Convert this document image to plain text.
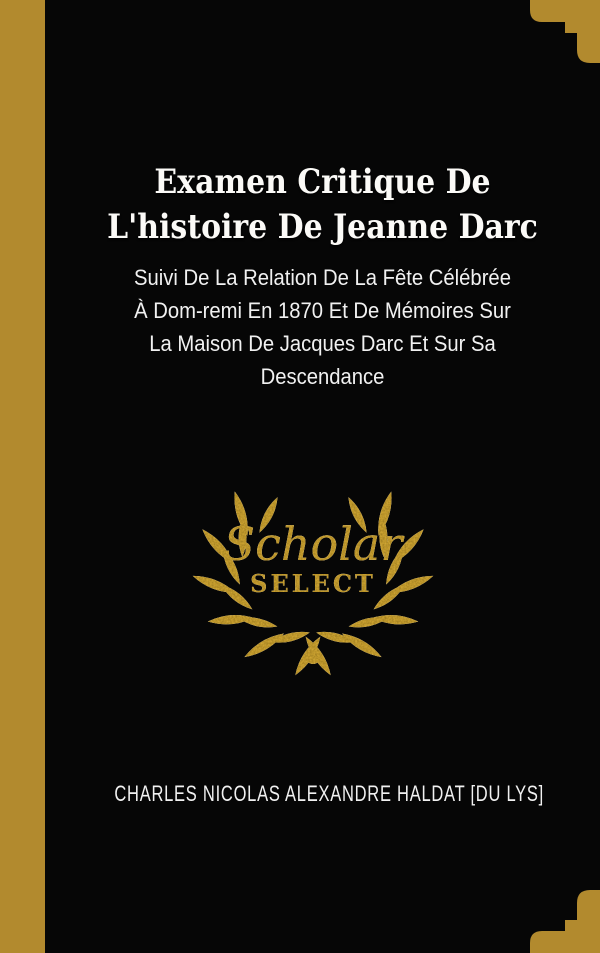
Examen Critique De
L'histoire De Jeanne Darc
Suivi De La Relation De La Fête Célébrée
À Dom-remi En 1870 Et De Mémoires Sur
La Maison De Jacques Darc Et Sur Sa
Descendance
Scholar
SELECT
CHARLES NICOLAS ALEXANDRE HALDAT [DU LYS]
